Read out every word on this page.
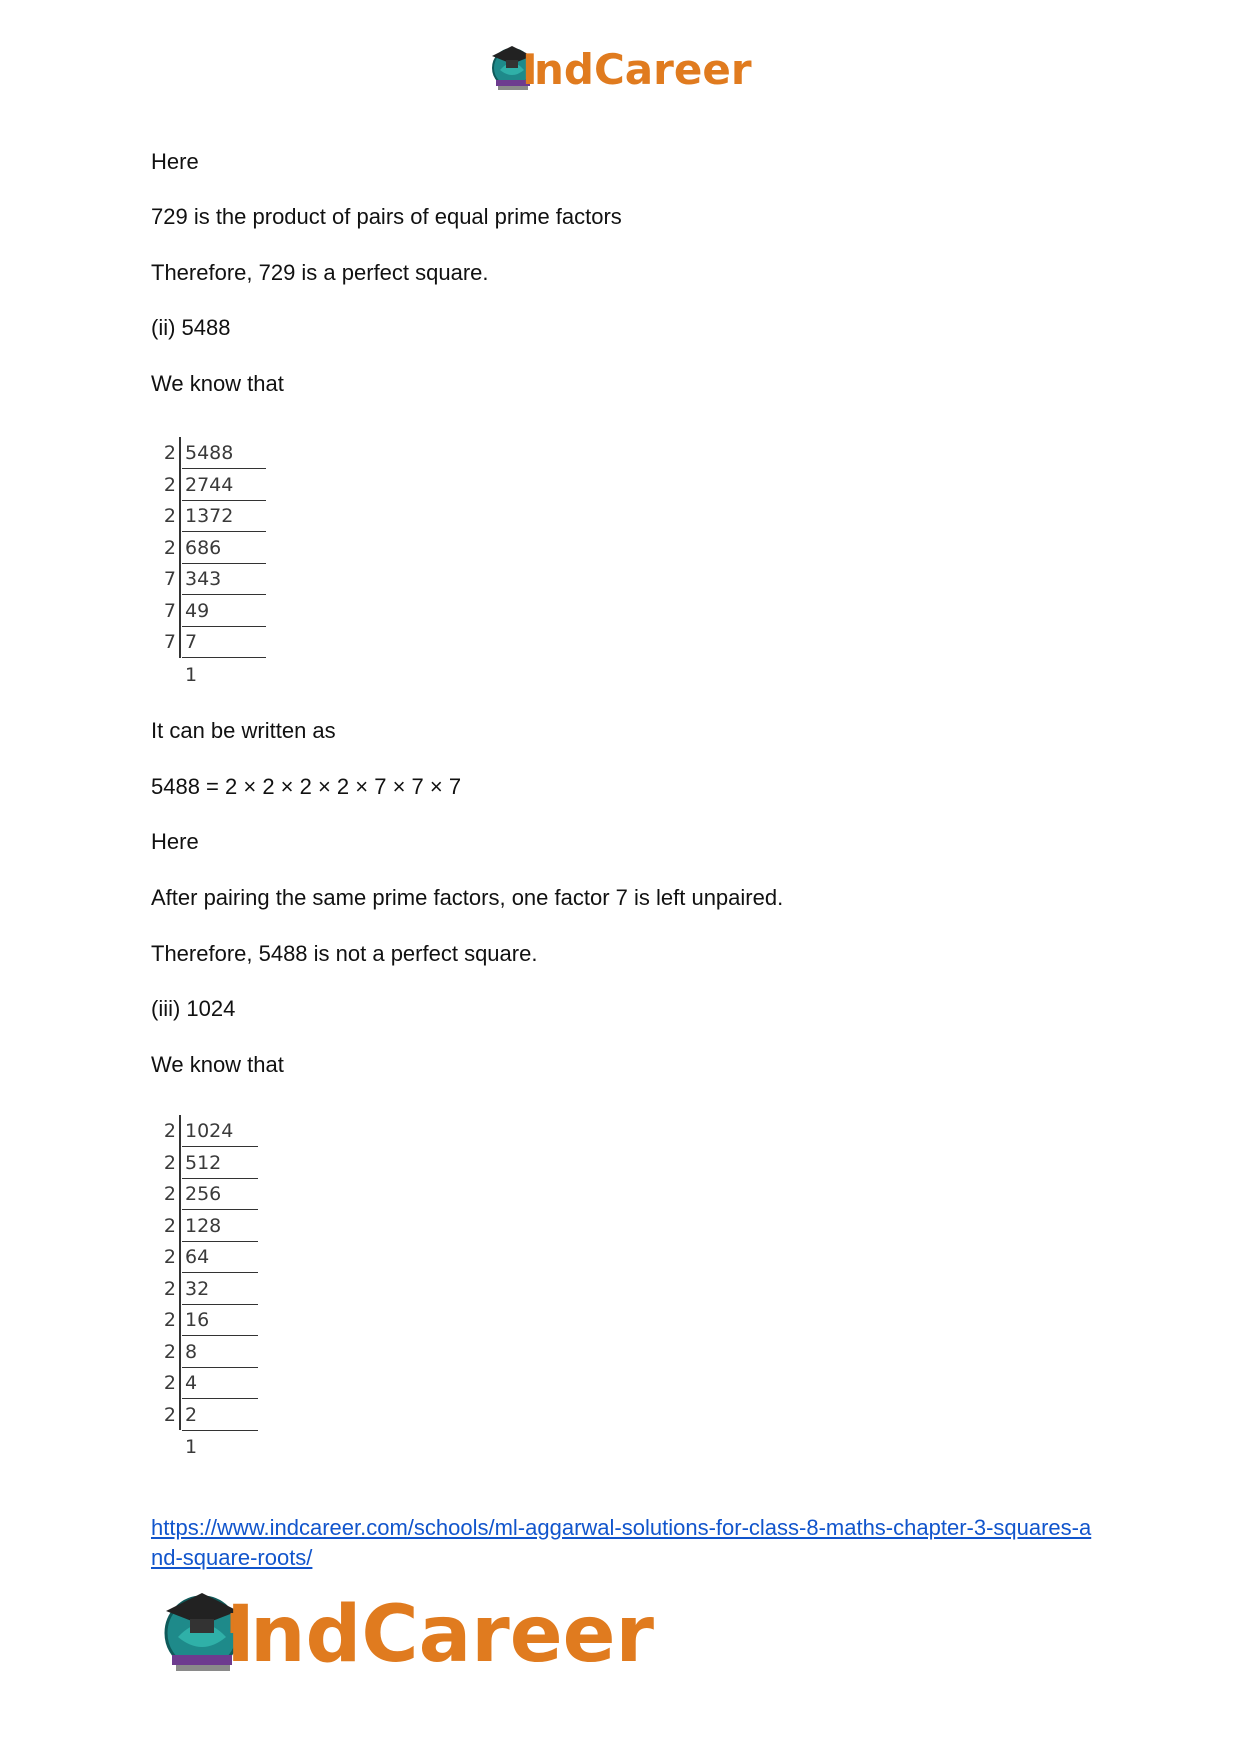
ndCareer
I

Here

729 is the product of pairs of equal prime factors

Therefore, 729 is a perfect square.

(ii) 5488

We know that

2 5488
2 2744
2 1372
2 686
7 343
7 49
7 7
1

It can be written as

5488 = 2 × 2 × 2 × 2 × 7 × 7 × 7

Here

After pairing the same prime factors, one factor 7 is left unpaired.

Therefore, 5488 is not a perfect square.

(iii) 1024

We know that

2 1024
2 512
2 256
2 128
2 64
2 32
2 16
2 8
2 4
2 2
1
https://www.indcareer.com/schools/ml-aggarwal-solutions-for-class-8-maths-chapter-3-squares-and-square-roots/
I
ndCareer
